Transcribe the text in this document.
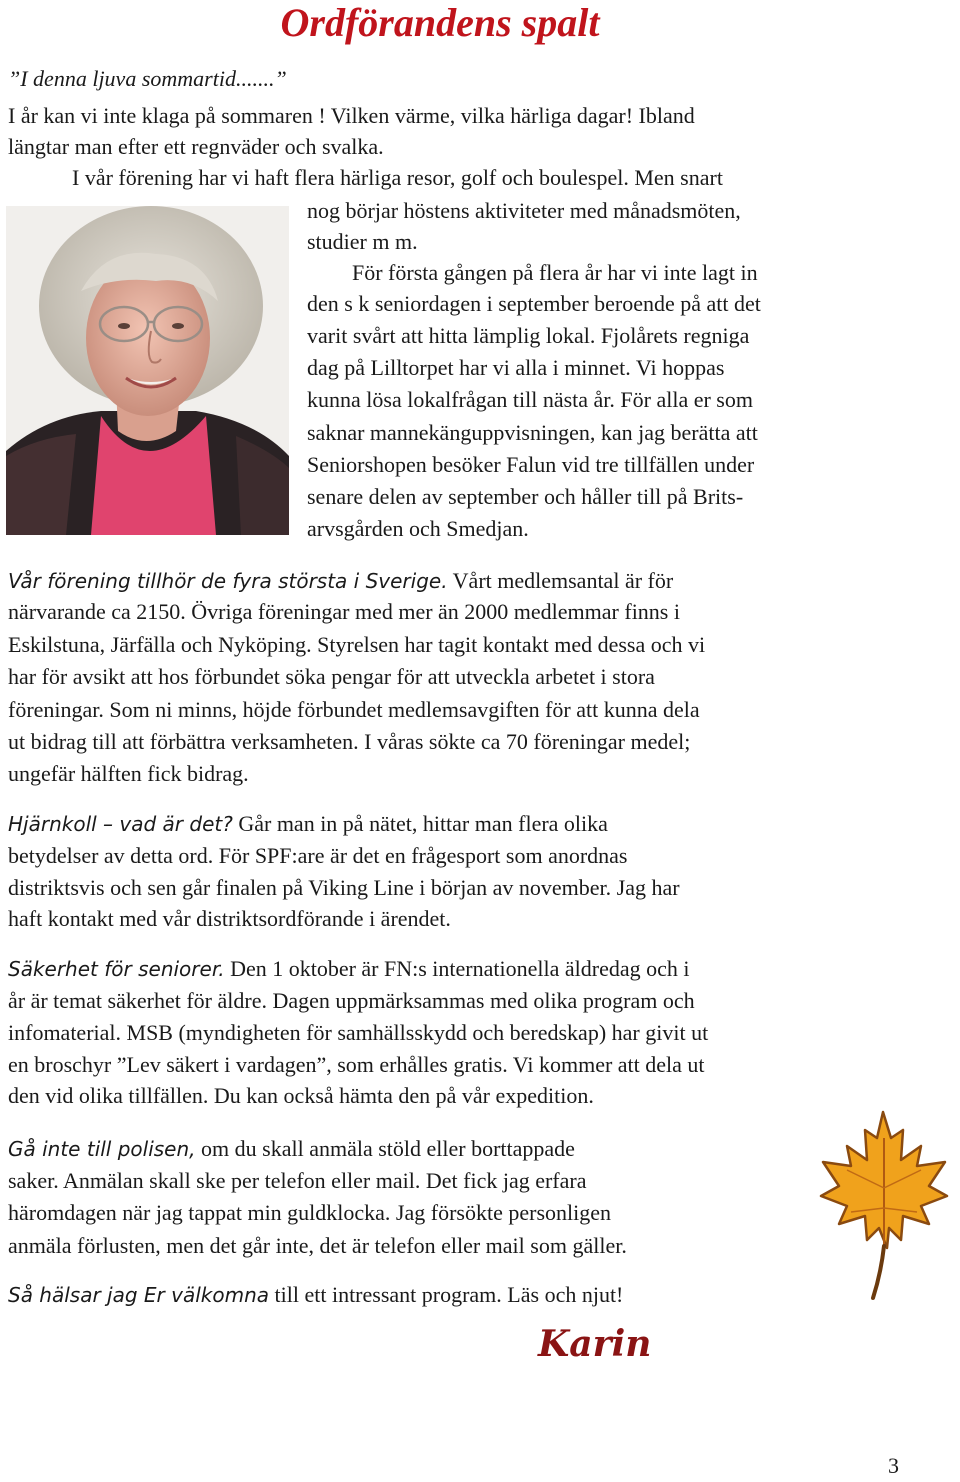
Ordförandens spalt

”I denna ljuva sommartid.......”

I år kan vi inte klaga på sommaren ! Vilken värme, vilka härliga dagar! Ibland

längtar man efter ett regnväder och svalka.

I vår förening har vi haft flera härliga resor, golf och boulespel. Men snart

nog börjar höstens aktiviteter med månadsmöten,

studier m m.

För första gången på flera år har vi inte lagt in

den s k seniordagen i september beroende på att det

varit svårt att hitta lämplig lokal. Fjolårets regniga

dag på Lilltorpet har vi alla i minnet. Vi hoppas

kunna lösa lokalfrågan till nästa år. För alla er som

saknar mannekänguppvisningen, kan jag berätta att

Seniorshopen besöker Falun vid tre tillfällen under

senare delen av september och håller till på Brits-

arvsgården och Smedjan.

Vår förening tillhör de fyra största i Sverige. Vårt medlemsantal är för

närvarande ca 2150. Övriga föreningar med mer än 2000 medlemmar finns i

Eskilstuna, Järfälla och Nyköping. Styrelsen har tagit kontakt med dessa och vi

har för avsikt att hos förbundet söka pengar för att utveckla arbetet i stora

föreningar. Som ni minns, höjde förbundet medlemsavgiften för att kunna dela

ut bidrag till att förbättra verksamheten. I våras sökte ca 70 föreningar medel;

ungefär hälften fick bidrag.

Hjärnkoll – vad är det? Går man in på nätet, hittar man flera olika

betydelser av detta ord. För SPF:are är det en frågesport som anordnas

distriktsvis och sen går finalen på Viking Line i början av november. Jag har

haft kontakt med vår distriktsordförande i ärendet.

Säkerhet för seniorer. Den 1 oktober är FN:s internationella äldredag och i

år är temat säkerhet för äldre. Dagen uppmärksammas med olika program och

infomaterial. MSB (myndigheten för samhällsskydd och beredskap) har givit ut

en broschyr ”Lev säkert i vardagen”, som erhålles gratis. Vi kommer att dela ut

den vid olika tillfällen. Du kan också hämta den på vår expedition.

Gå inte till polisen, om du skall anmäla stöld eller borttappade

saker. Anmälan skall ske per telefon eller mail. Det fick jag erfara

häromdagen när jag tappat min guldklocka. Jag försökte personligen

anmäla förlusten, men det går inte, det är telefon eller mail som gäller.

Så hälsar jag Er välkomna till ett intressant program. Läs och njut!

Karin
3
